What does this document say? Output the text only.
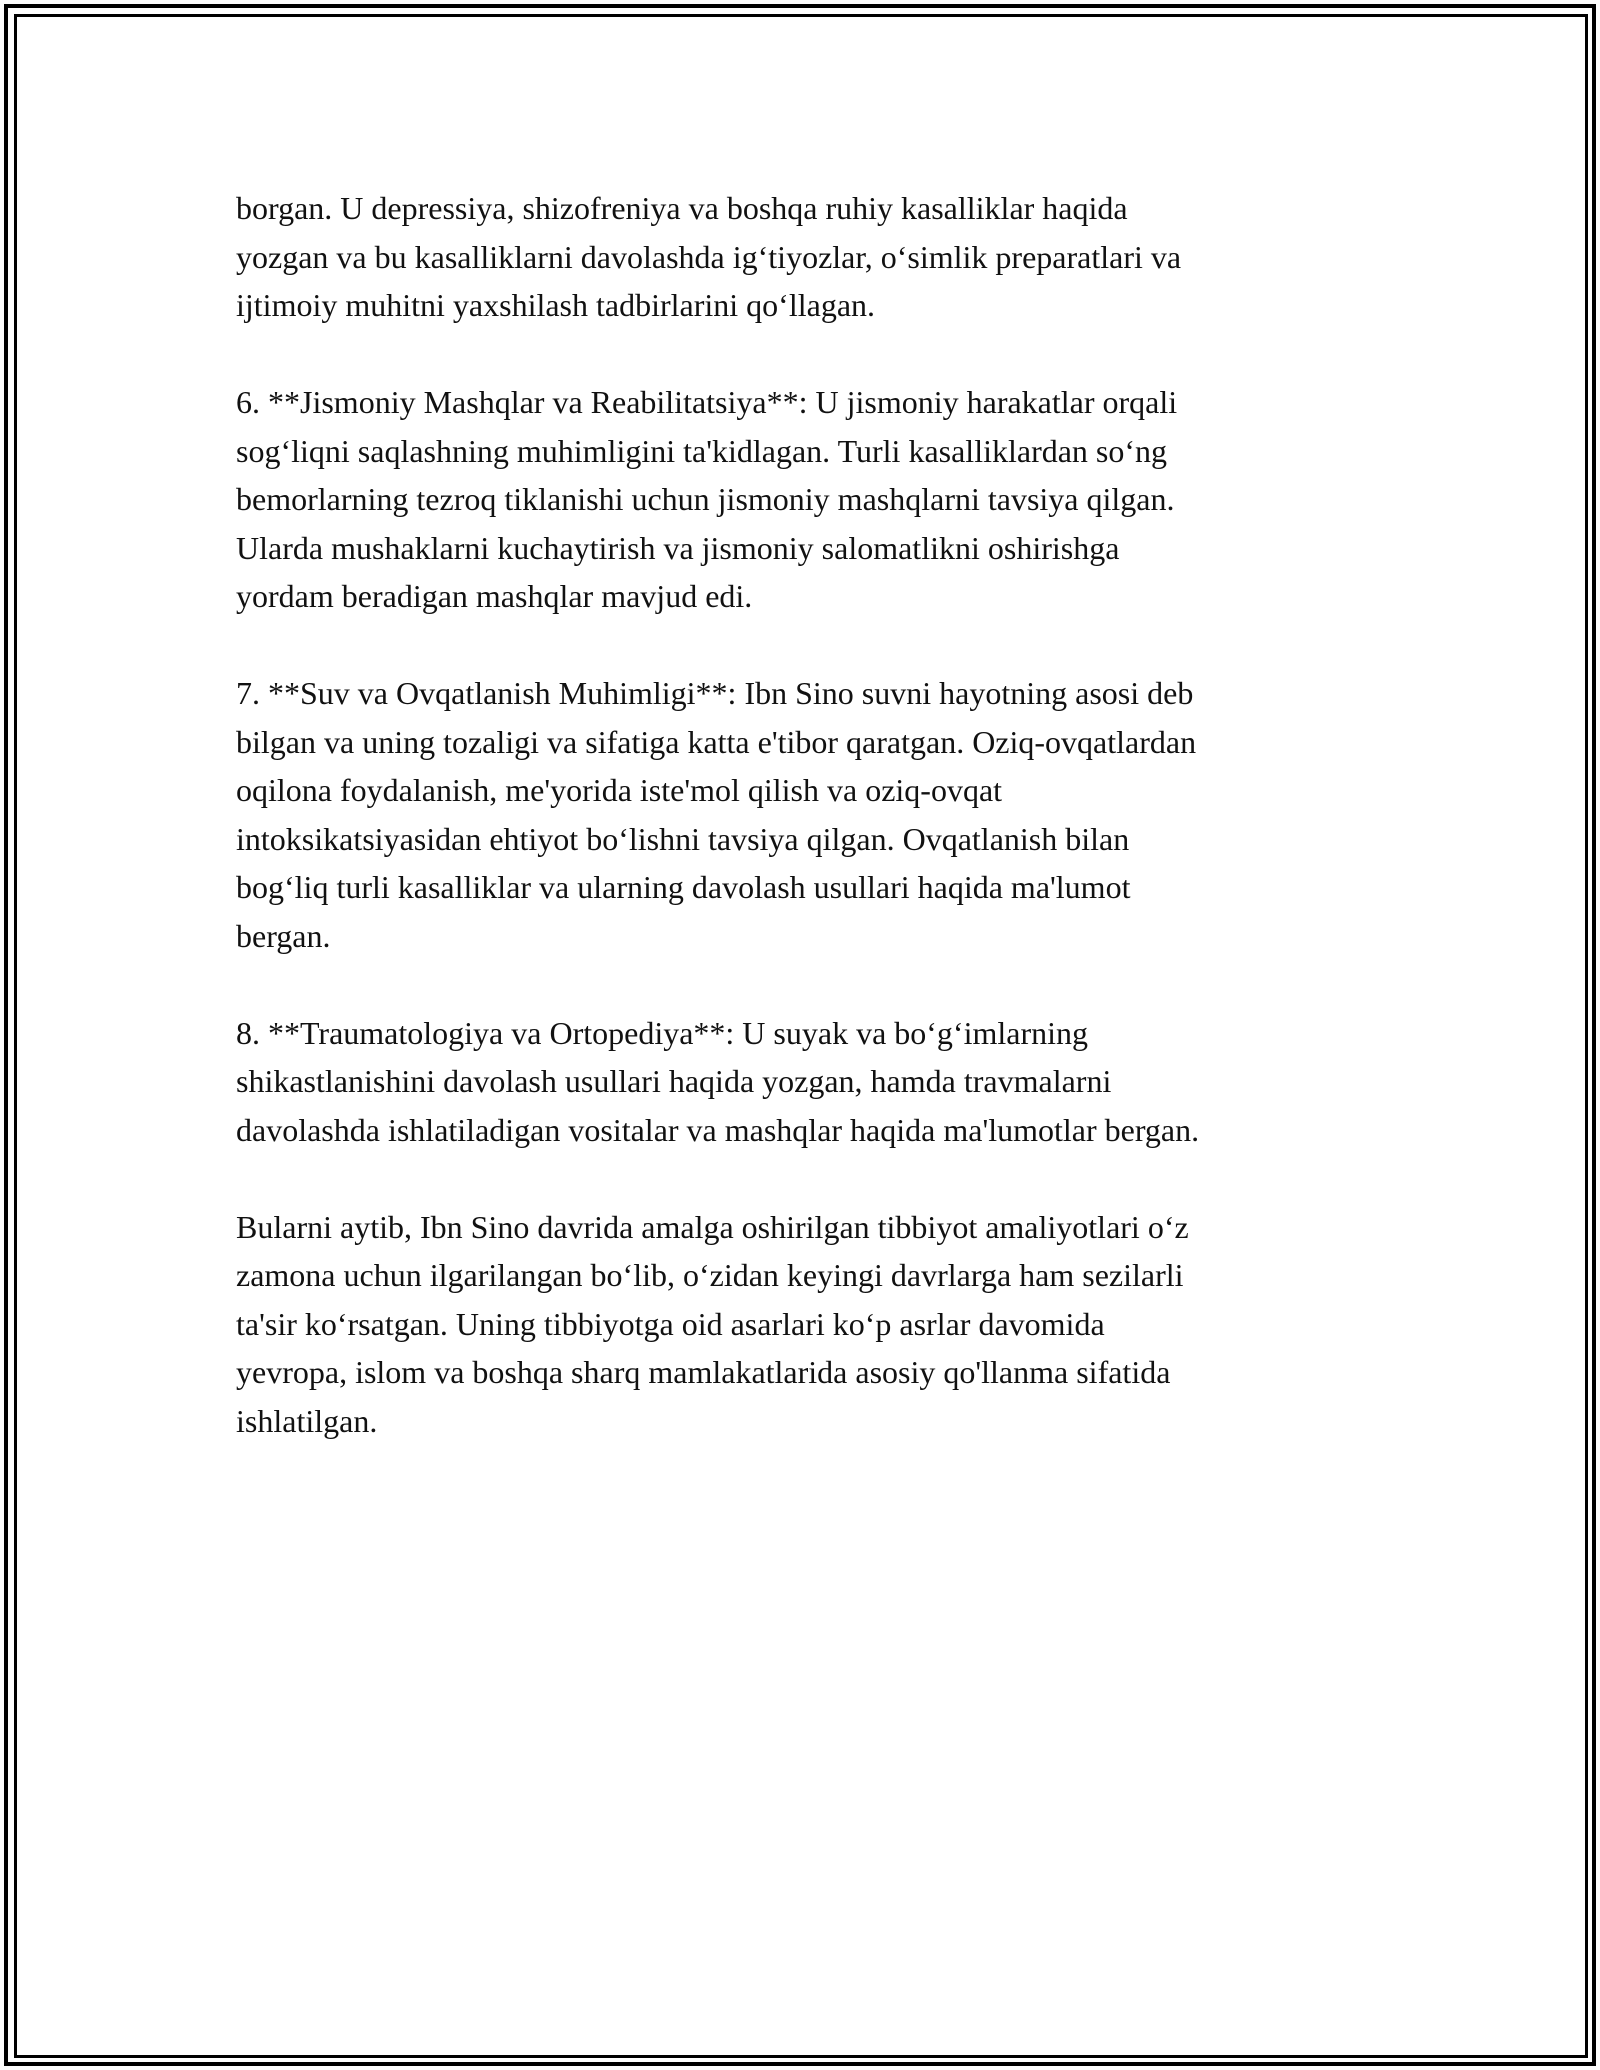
borgan. U depressiya, shizofreniya va boshqa ruhiy kasalliklar haqida
yozgan va bu kasalliklarni davolashda igʻtiyozlar, oʻsimlik preparatlari va
ijtimoiy muhitni yaxshilash tadbirlarini qoʻllagan.

6. **Jismoniy Mashqlar va Reabilitatsiya**: U jismoniy harakatlar orqali
sogʻliqni saqlashning muhimligini ta'kidlagan. Turli kasalliklardan soʻng
bemorlarning tezroq tiklanishi uchun jismoniy mashqlarni tavsiya qilgan.
Ularda mushaklarni kuchaytirish va jismoniy salomatlikni oshirishga
yordam beradigan mashqlar mavjud edi.

7. **Suv va Ovqatlanish Muhimligi**: Ibn Sino suvni hayotning asosi deb
bilgan va uning tozaligi va sifatiga katta e'tibor qaratgan. Oziq-ovqatlardan
oqilona foydalanish, me'yorida iste'mol qilish va oziq-ovqat
intoksikatsiyasidan ehtiyot boʻlishni tavsiya qilgan. Ovqatlanish bilan
bogʻliq turli kasalliklar va ularning davolash usullari haqida ma'lumot
bergan.

8. **Traumatologiya va Ortopediya**: U suyak va boʻgʻimlarning
shikastlanishini davolash usullari haqida yozgan, hamda travmalarni
davolashda ishlatiladigan vositalar va mashqlar haqida ma'lumotlar bergan.

Bularni aytib, Ibn Sino davrida amalga oshirilgan tibbiyot amaliyotlari oʻz
zamona uchun ilgarilangan boʻlib, oʻzidan keyingi davrlarga ham sezilarli
ta'sir koʻrsatgan. Uning tibbiyotga oid asarlari koʻp asrlar davomida
yevropa, islom va boshqa sharq mamlakatlarida asosiy qo'llanma sifatida
ishlatilgan.
